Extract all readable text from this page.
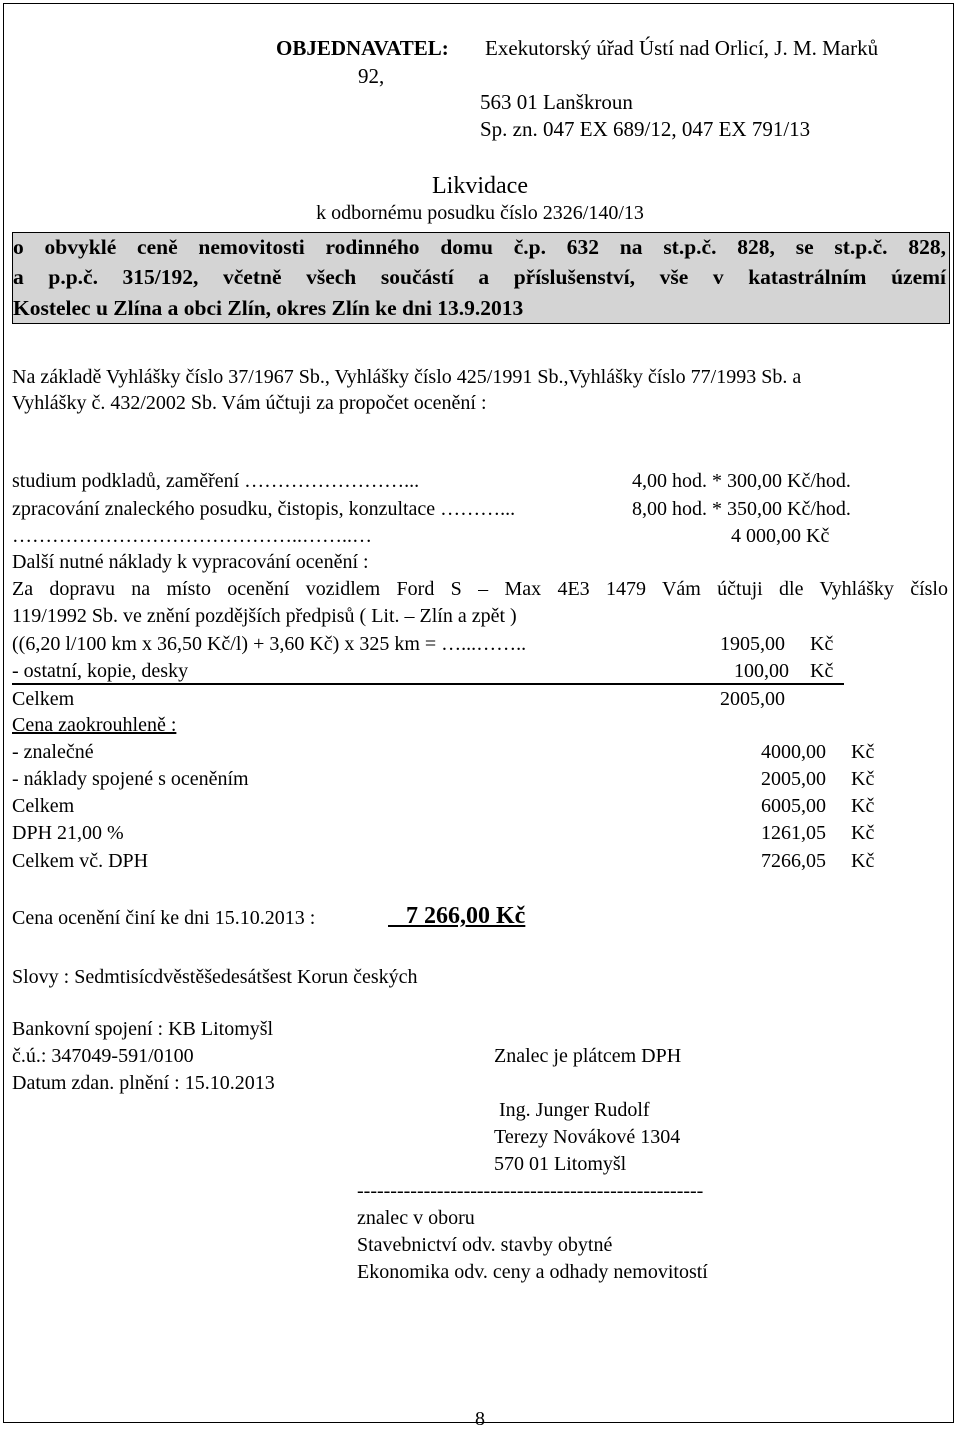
OBJEDNAVATEL: Exekutorský úřad Ústí nad Orlicí, J. M. Marků
92,
563 01 Lanškroun
Sp. zn. 047 EX 689/12, 047 EX 791/13
Likvidace
k odbornému posudku číslo 2326/140/13
o obvyklé ceně nemovitosti rodinného domu č.p. 632 na st.p.č. 828, se st.p.č. 828,
a p.p.č. 315/192, včetně všech součástí a příslušenství, vše v katastrálním území
Kostelec u Zlína a obci Zlín, okres Zlín ke dni 13.9.2013
Na základě Vyhlášky číslo 37/1967 Sb., Vyhlášky číslo 425/1991 Sb.,Vyhlášky číslo 77/1993 Sb. a
Vyhlášky č. 432/2002 Sb. Vám účtuji za propočet ocenění :
studium podkladů, zaměření ……………………...	4,00 hod. * 300,00 Kč/hod.
zpracování znaleckého posudku, čistopis, konzultace ………...	8,00 hod. * 350,00 Kč/hod.
……………………………………..……..…	4 000,00 Kč
Další nutné náklady k vypracování ocenění :
Za dopravu na místo ocenění vozidlem Ford S – Max 4E3 1479 Vám účtuji dle Vyhlášky číslo
119/1992 Sb. ve znění pozdějších předpisů ( Lit. – Zlín a zpět )
((6,20 l/100 km x 36,50 Kč/l) + 3,60 Kč) x 325 km = …...……..	1905,00 Kč
- ostatní, kopie, desky	100,00 Kč
Celkem	2005,00
Cena zaokrouhleně :
- znalečné	4000,00 Kč
- náklady spojené s oceněním	2005,00 Kč
Celkem	6005,00 Kč
DPH 21,00 %	1261,05 Kč
Celkem vč. DPH	7266,05 Kč
Cena ocenění činí ke dni 15.10.2013 :	7 266,00 Kč
Slovy : Sedmtisícdvěstěšedesátšest Korun českých
Bankovní spojení : KB Litomyšl
č.ú.: 347049-591/0100	Znalec je plátcem DPH
Datum zdan. plnění : 15.10.2013
Ing. Junger Rudolf
Terezy Novákové 1304
570 01 Litomyšl
----------------------------------------------------
znalec v oboru
Stavebnictví odv. stavby obytné
Ekonomika odv. ceny a odhady nemovitostí
8
